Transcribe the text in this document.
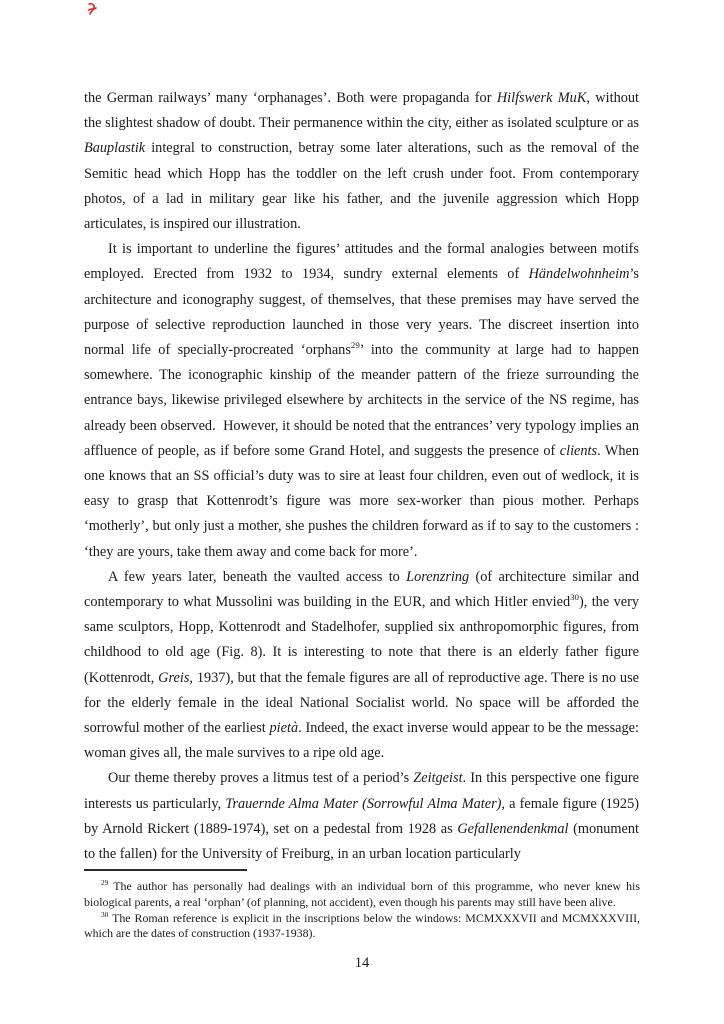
the German railways’ many ‘orphanages’. Both were propaganda for Hilfswerk MuK, without the slightest shadow of doubt. Their permanence within the city, either as isolated sculpture or as Bauplastik integral to construction, betray some later alterations, such as the removal of the Semitic head which Hopp has the toddler on the left crush under foot. From contemporary photos, of a lad in military gear like his father, and the juvenile aggression which Hopp articulates, is inspired our illustration.

It is important to underline the figures’ attitudes and the formal analogies between motifs employed. Erected from 1932 to 1934, sundry external elements of Händelwohnheim’s architecture and iconography suggest, of themselves, that these premises may have served the purpose of selective reproduction launched in those very years. The discreet insertion into normal life of specially-procreated ‘orphans$^{29}$’ into the community at large had to happen somewhere. The iconographic kinship of the meander pattern of the frieze surrounding the entrance bays, likewise privileged elsewhere by architects in the service of the NS regime, has already been observed.  However, it should be noted that the entrances’ very typology implies an affluence of people, as if before some Grand Hotel, and suggests the presence of clients. When one knows that an SS official’s duty was to sire at least four children, even out of wedlock, it is easy to grasp that Kottenrodt’s figure was more sex-worker than pious mother. Perhaps ‘motherly’, but only just a mother, she pushes the children forward as if to say to the customers : ‘they are yours, take them away and come back for more’.

A few years later, beneath the vaulted access to Lorenzring (of architecture similar and contemporary to what Mussolini was building in the EUR, and which Hitler envied$^{30}$), the very same sculptors, Hopp, Kottenrodt and Stadelhofer, supplied six anthropomorphic figures, from childhood to old age (Fig. 8). It is interesting to note that there is an elderly father figure (Kottenrodt, Greis, 1937), but that the female figures are all of reproductive age. There is no use for the elderly female in the ideal National Socialist world. No space will be afforded the sorrowful mother of the earliest pietà. Indeed, the exact inverse would appear to be the message: woman gives all, the male survives to a ripe old age.

Our theme thereby proves a litmus test of a period’s Zeitgeist. In this perspective one figure interests us particularly, Trauernde Alma Mater (Sorrowful Alma Mater), a female figure (1925) by Arnold Rickert (1889-1974), set on a pedestal from 1928 as Gefallenendenkmal (monument to the fallen) for the University of Freiburg, in an urban location particularly

$^{29}$ The author has personally had dealings with an individual born of this programme, who never knew his biological parents, a real ‘orphan’ (of planning, not accident), even though his parents may still have been alive.

$^{30}$ The Roman reference is explicit in the inscriptions below the windows: MCMXXXVII and MCMXXXVIII, which are the dates of construction (1937-1938).

14
